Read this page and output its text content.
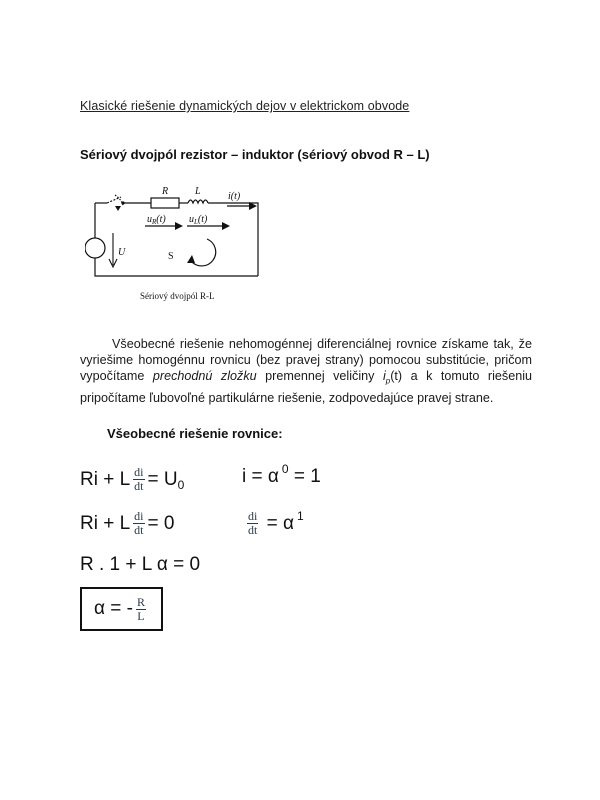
Klasické riešenie dynamických dejov v elektrickom obvode
Sériový dvojpól rezistor – induktor (sériový obvod R – L)
R	L	i(t)
$u_R(t)$ $u_L(t)$
U	S
Sériový dvojpól R-L

Všeobecné riešenie nehomogénnej diferenciálnej rovnice získame tak, že vyriešime homogénnu rovnicu (bez pravej strany) pomocou substitúcie, pričom vypočítame prechodnú zložku premennej veličiny $i_p(t)$ a k tomuto riešeniu pripočítame ľubovoľné partikulárne riešenie, zodpovedajúce pravej strane.

Všeobecné riešenie rovnice:
Ri + L $\frac{di}{dt} = U$ 0	i = α 0
= 1
Ri + L $\frac{di}{dt} = 0$	$\frac{di}{dt}$
= α 1
R . 1 + L α = 0
α = - $\frac{R}{L}$
